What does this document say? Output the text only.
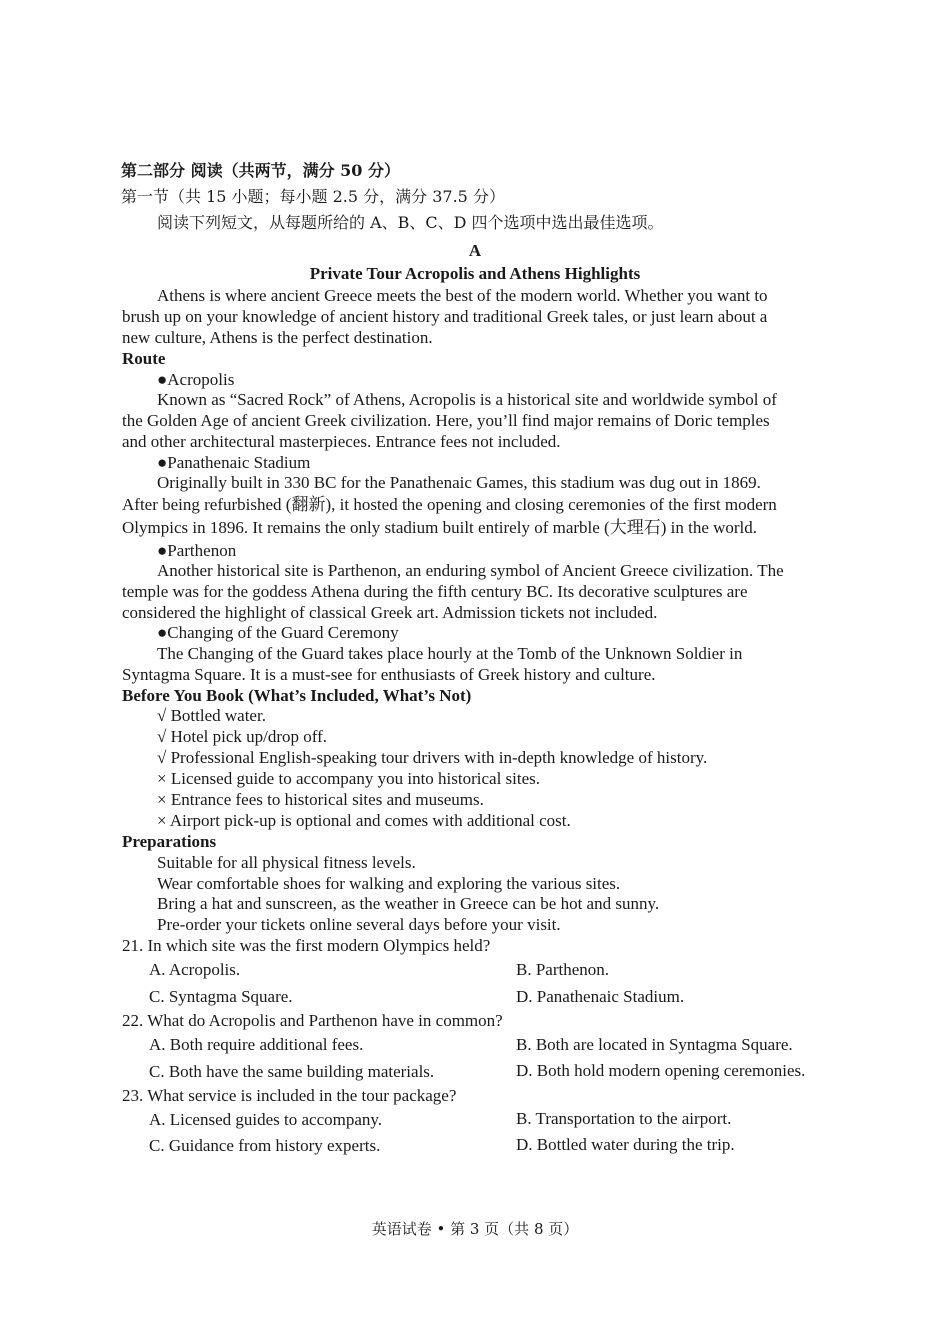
第二部分 阅读（共两节，满分 50 分）
第一节（共 15 小题；每小题 2.5 分，满分 37.5 分）
阅读下列短文，从每题所给的 A、B、C、D 四个选项中选出最佳选项。
A
Private Tour Acropolis and Athens Highlights
Athens is where ancient Greece meets the best of the modern world. Whether you want to
brush up on your knowledge of ancient history and traditional Greek tales, or just learn about a
new culture, Athens is the perfect destination.
Route
●Acropolis
Known as “Sacred Rock” of Athens, Acropolis is a historical site and worldwide symbol of
the Golden Age of ancient Greek civilization. Here, you’ll find major remains of Doric temples
and other architectural masterpieces. Entrance fees not included.
●Panathenaic Stadium
Originally built in 330 BC for the Panathenaic Games, this stadium was dug out in 1869.
After being refurbished (翻新), it hosted the opening and closing ceremonies of the first modern
Olympics in 1896. It remains the only stadium built entirely of marble (大理石) in the world.
●Parthenon
Another historical site is Parthenon, an enduring symbol of Ancient Greece civilization. The
temple was for the goddess Athena during the fifth century BC. Its decorative sculptures are
considered the highlight of classical Greek art. Admission tickets not included.
●Changing of the Guard Ceremony
The Changing of the Guard takes place hourly at the Tomb of the Unknown Soldier in
Syntagma Square. It is a must-see for enthusiasts of Greek history and culture.
Before You Book (What’s Included, What’s Not)
√ Bottled water.
√ Hotel pick up/drop off.
√ Professional English-speaking tour drivers with in-depth knowledge of history.
× Licensed guide to accompany you into historical sites.
× Entrance fees to historical sites and museums.
× Airport pick-up is optional and comes with additional cost.
Preparations
Suitable for all physical fitness levels.
Wear comfortable shoes for walking and exploring the various sites.
Bring a hat and sunscreen, as the weather in Greece can be hot and sunny.
Pre-order your tickets online several days before your visit.
21. In which site was the first modern Olympics held?
A. Acropolis.	B. Parthenon.
C. Syntagma Square.	D. Panathenaic Stadium.
22. What do Acropolis and Parthenon have in common?
A. Both require additional fees.	B. Both are located in Syntagma Square.
C. Both have the same building materials.	D. Both hold modern opening ceremonies.
23. What service is included in the tour package?
A. Licensed guides to accompany.	B. Transportation to the airport.
C. Guidance from history experts.	D. Bottled water during the trip.
英语试卷 • 第 3 页（共 8 页）
